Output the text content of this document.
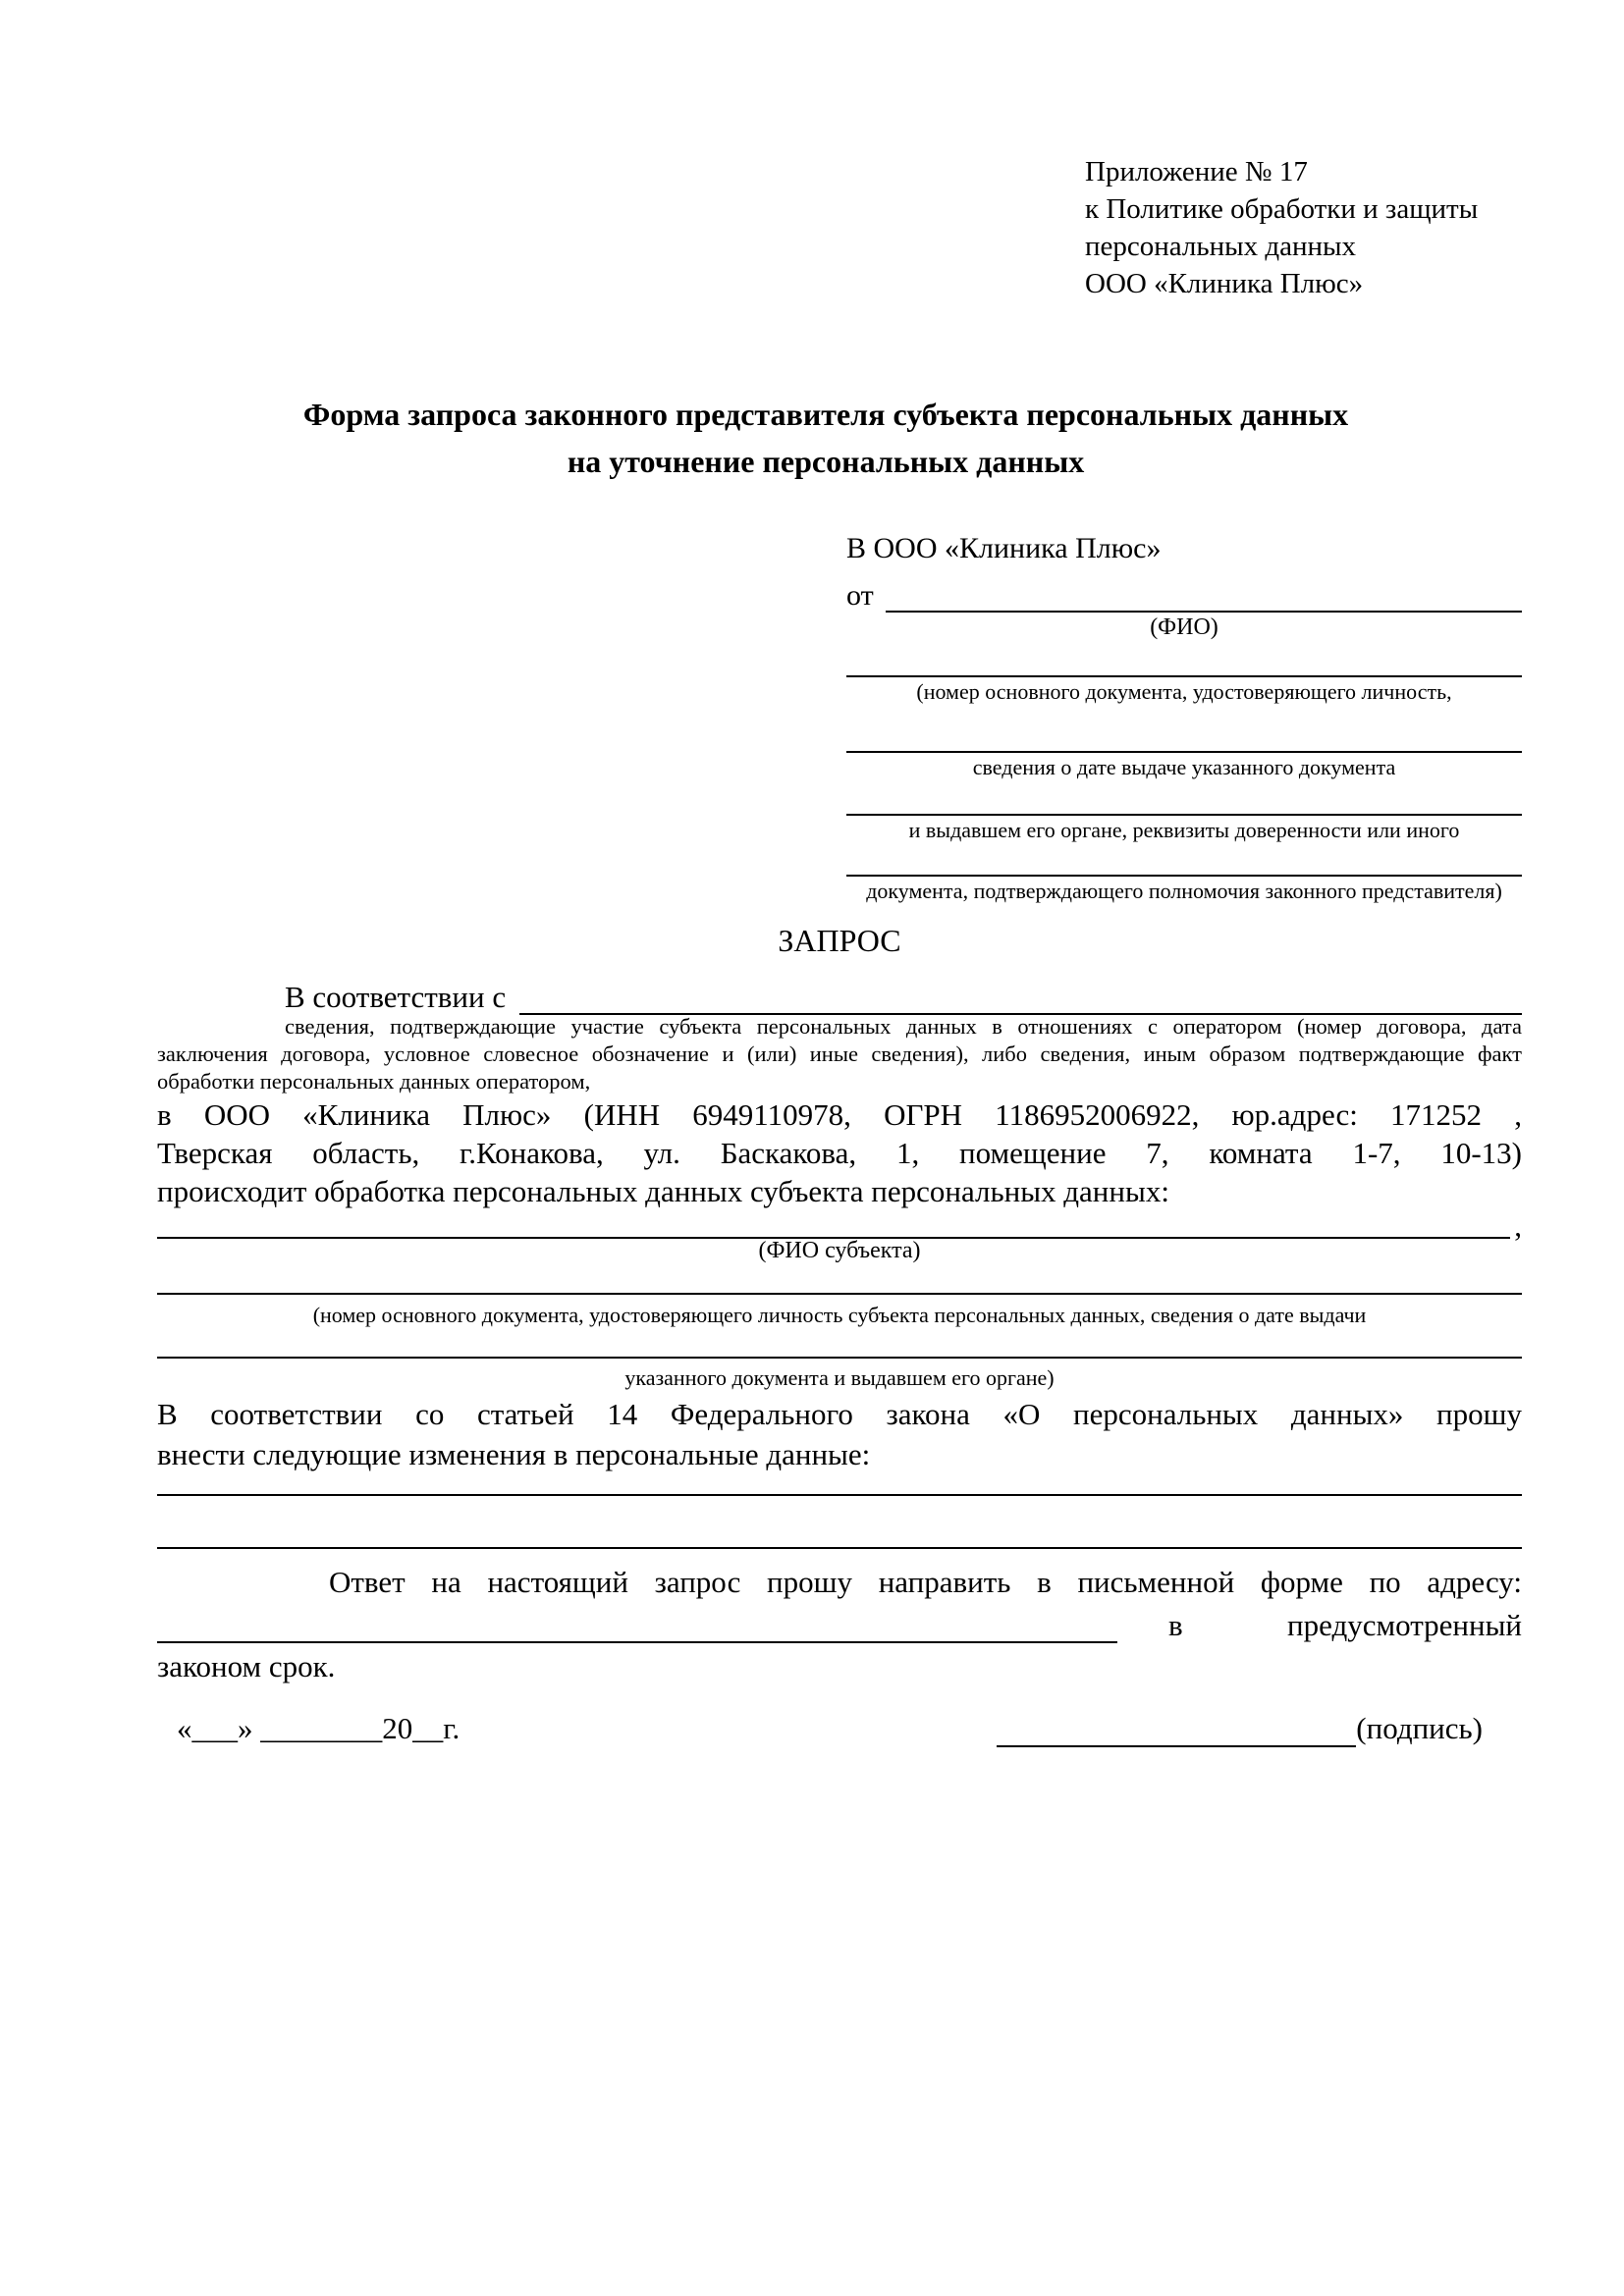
Приложение № 17
к Политике обработки и защиты
персональных данных
ООО «Клиника Плюс»
Форма запроса законного представителя субъекта персональных данных
на уточнение персональных данных
В ООО «Клиника Плюс»
от
(ФИО)
(номер основного документа, удостоверяющего личность,
сведения о дате выдаче указанного документа
и выдавшем его органе, реквизиты доверенности или иного
документа, подтверждающего полномочия законного представителя)
ЗАПРОС
В соответствии с
сведения, подтверждающие участие субъекта персональных данных в отношениях с оператором (номер договора, дата
заключения договора, условное словесное обозначение и (или) иные сведения), либо сведения, иным образом подтверждающие факт
обработки персональных данных оператором,
в ООО «Клиника Плюс» (ИНН 6949110978, ОГРН 1186952006922, юр.адрес: 171252 ,
Тверская область, г.Конакова, ул. Баскакова, 1, помещение 7, комната 1-7, 10-13)
происходит обработка персональных данных субъекта персональных данных:
,
(ФИО субъекта)
(номер основного документа, удостоверяющего личность субъекта персональных данных, сведения о дате выдачи
указанного документа и выдавшем его органе)
В соответствии со статьей 14 Федерального закона «О персональных данных» прошу
внести следующие изменения в персональные данные:
Ответ на настоящий запрос прошу направить в письменной форме по адресу:
в	предусмотренный
законом срок.
«___» ________20__г.	(подпись)
